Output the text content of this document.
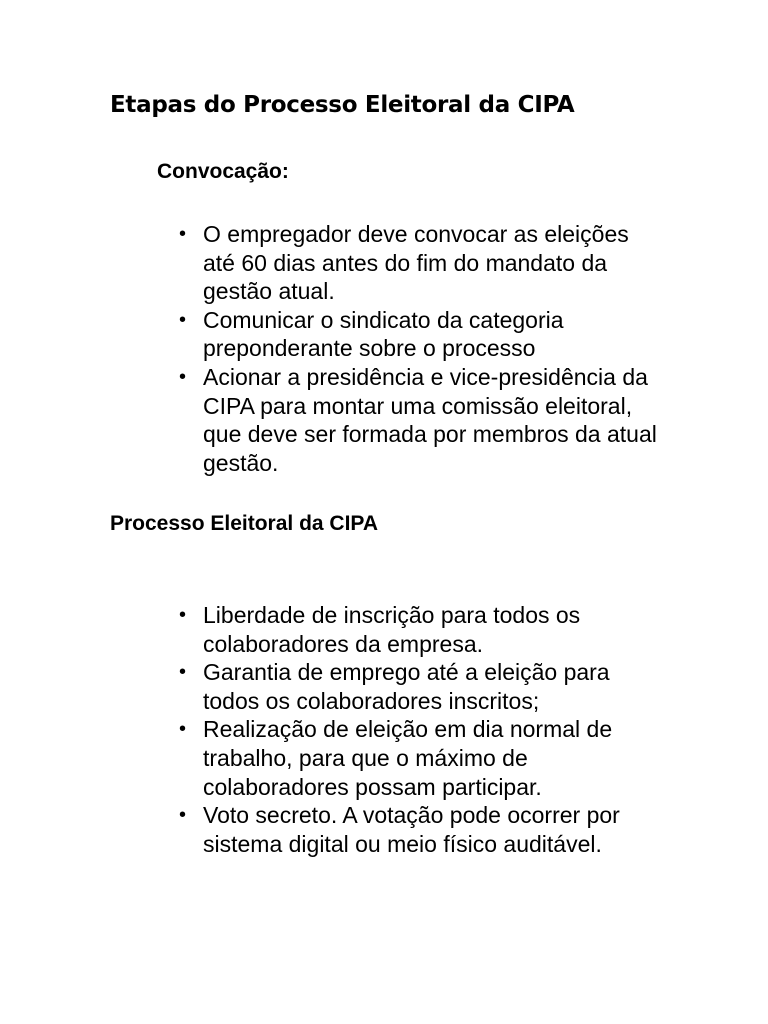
Etapas do Processo Eleitoral da CIPA
Convocação:
• O empregador deve convocar as eleições até 60 dias antes do fim do mandato da gestão atual.
• Comunicar o sindicato da categoria preponderante sobre o processo
• Acionar a presidência e vice-presidência da CIPA para montar uma comissão eleitoral, que deve ser formada por membros da atual gestão.
Processo Eleitoral da CIPA
• Liberdade de inscrição para todos os colaboradores da empresa.
• Garantia de emprego até a eleição para todos os colaboradores inscritos;
• Realização de eleição em dia normal de trabalho, para que o máximo de colaboradores possam participar.
• Voto secreto. A votação pode ocorrer por sistema digital ou meio físico auditável.
